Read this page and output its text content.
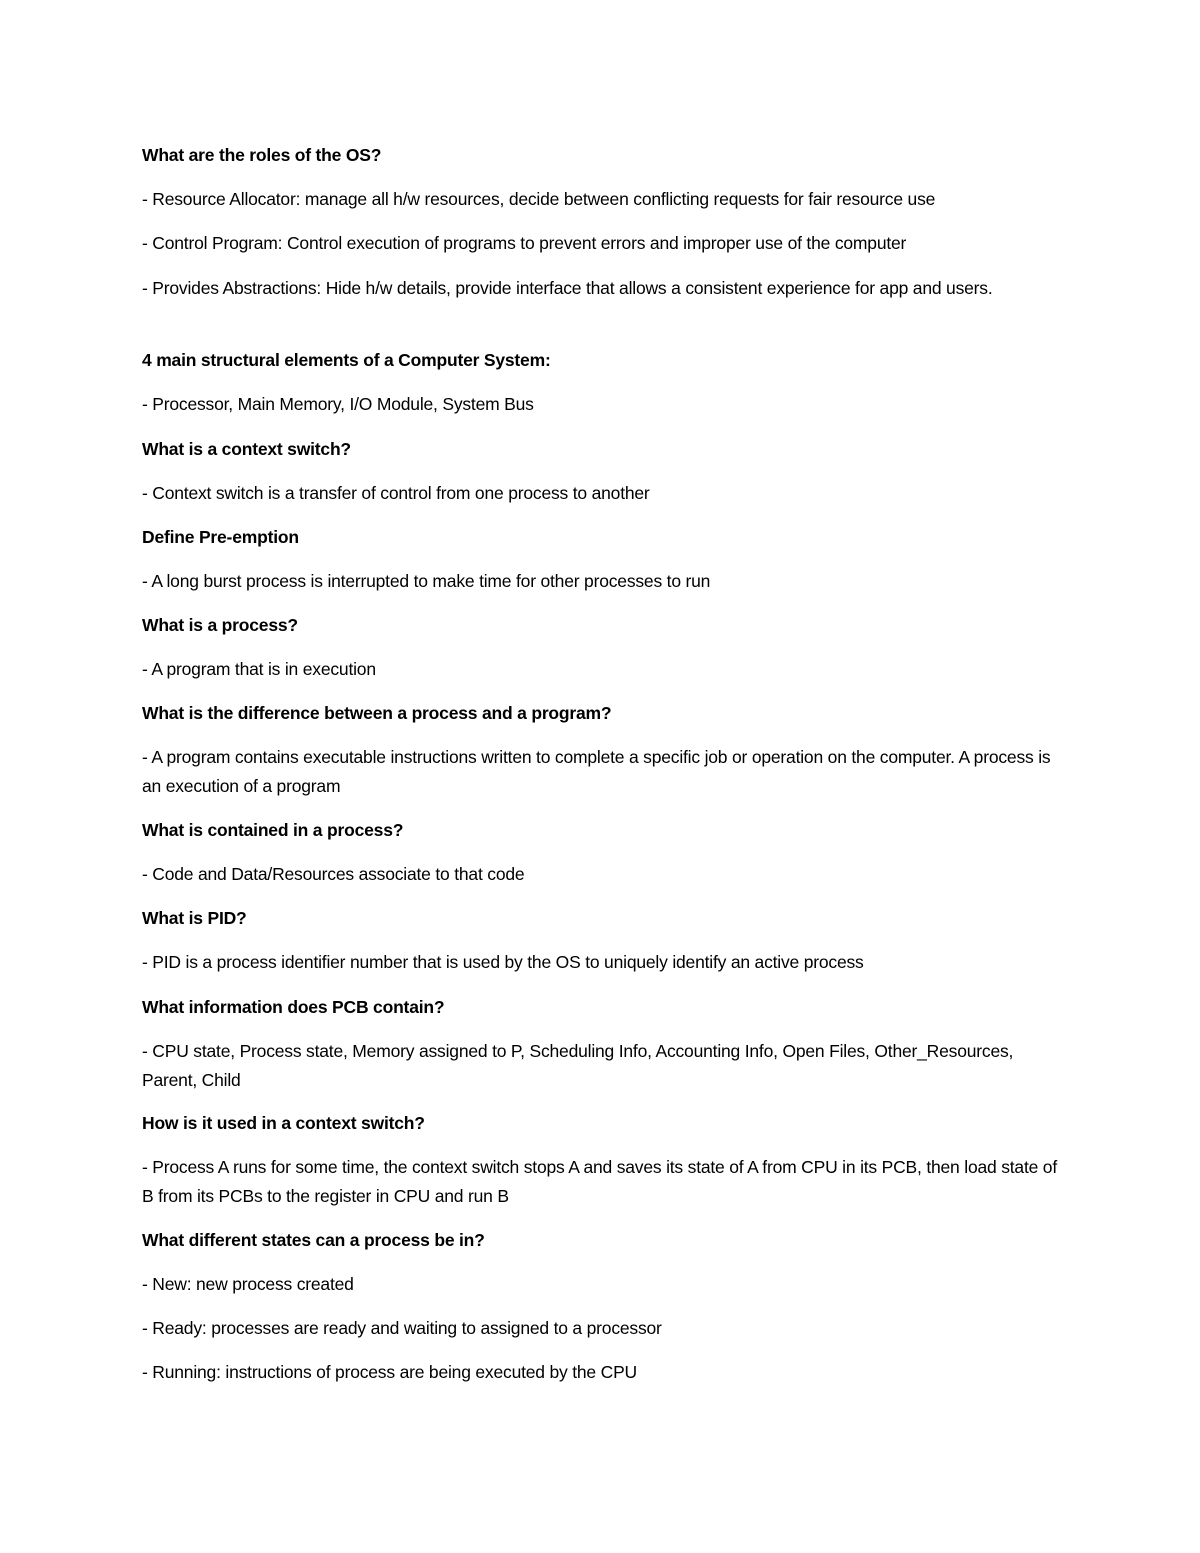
What are the roles of the OS?
- Resource Allocator: manage all h/w resources, decide between conflicting requests for fair resource use
- Control Program: Control execution of programs to prevent errors and improper use of the computer
- Provides Abstractions: Hide h/w details, provide interface that allows a consistent experience for app and users.
4 main structural elements of a Computer System:
- Processor, Main Memory, I/O Module, System Bus
What is a context switch?
- Context switch is a transfer of control from one process to another
Define Pre-emption
- A long burst process is interrupted to make time for other processes to run
What is a process?
- A program that is in execution
What is the difference between a process and a program?
- A program contains executable instructions written to complete a specific job or operation on the computer. A process is an execution of a program
What is contained in a process?
- Code and Data/Resources associate to that code
What is PID?
- PID is a process identifier number that is used by the OS to uniquely identify an active process
What information does PCB contain?
- CPU state, Process state, Memory assigned to P, Scheduling Info, Accounting Info, Open Files, Other_Resources, Parent, Child
How is it used in a context switch?
- Process A runs for some time, the context switch stops A and saves its state of A from CPU in its PCB, then load state of B from its PCBs to the register in CPU and run B
What different states can a process be in?
- New: new process created
- Ready: processes are ready and waiting to assigned to a processor
- Running: instructions of process are being executed by the CPU
